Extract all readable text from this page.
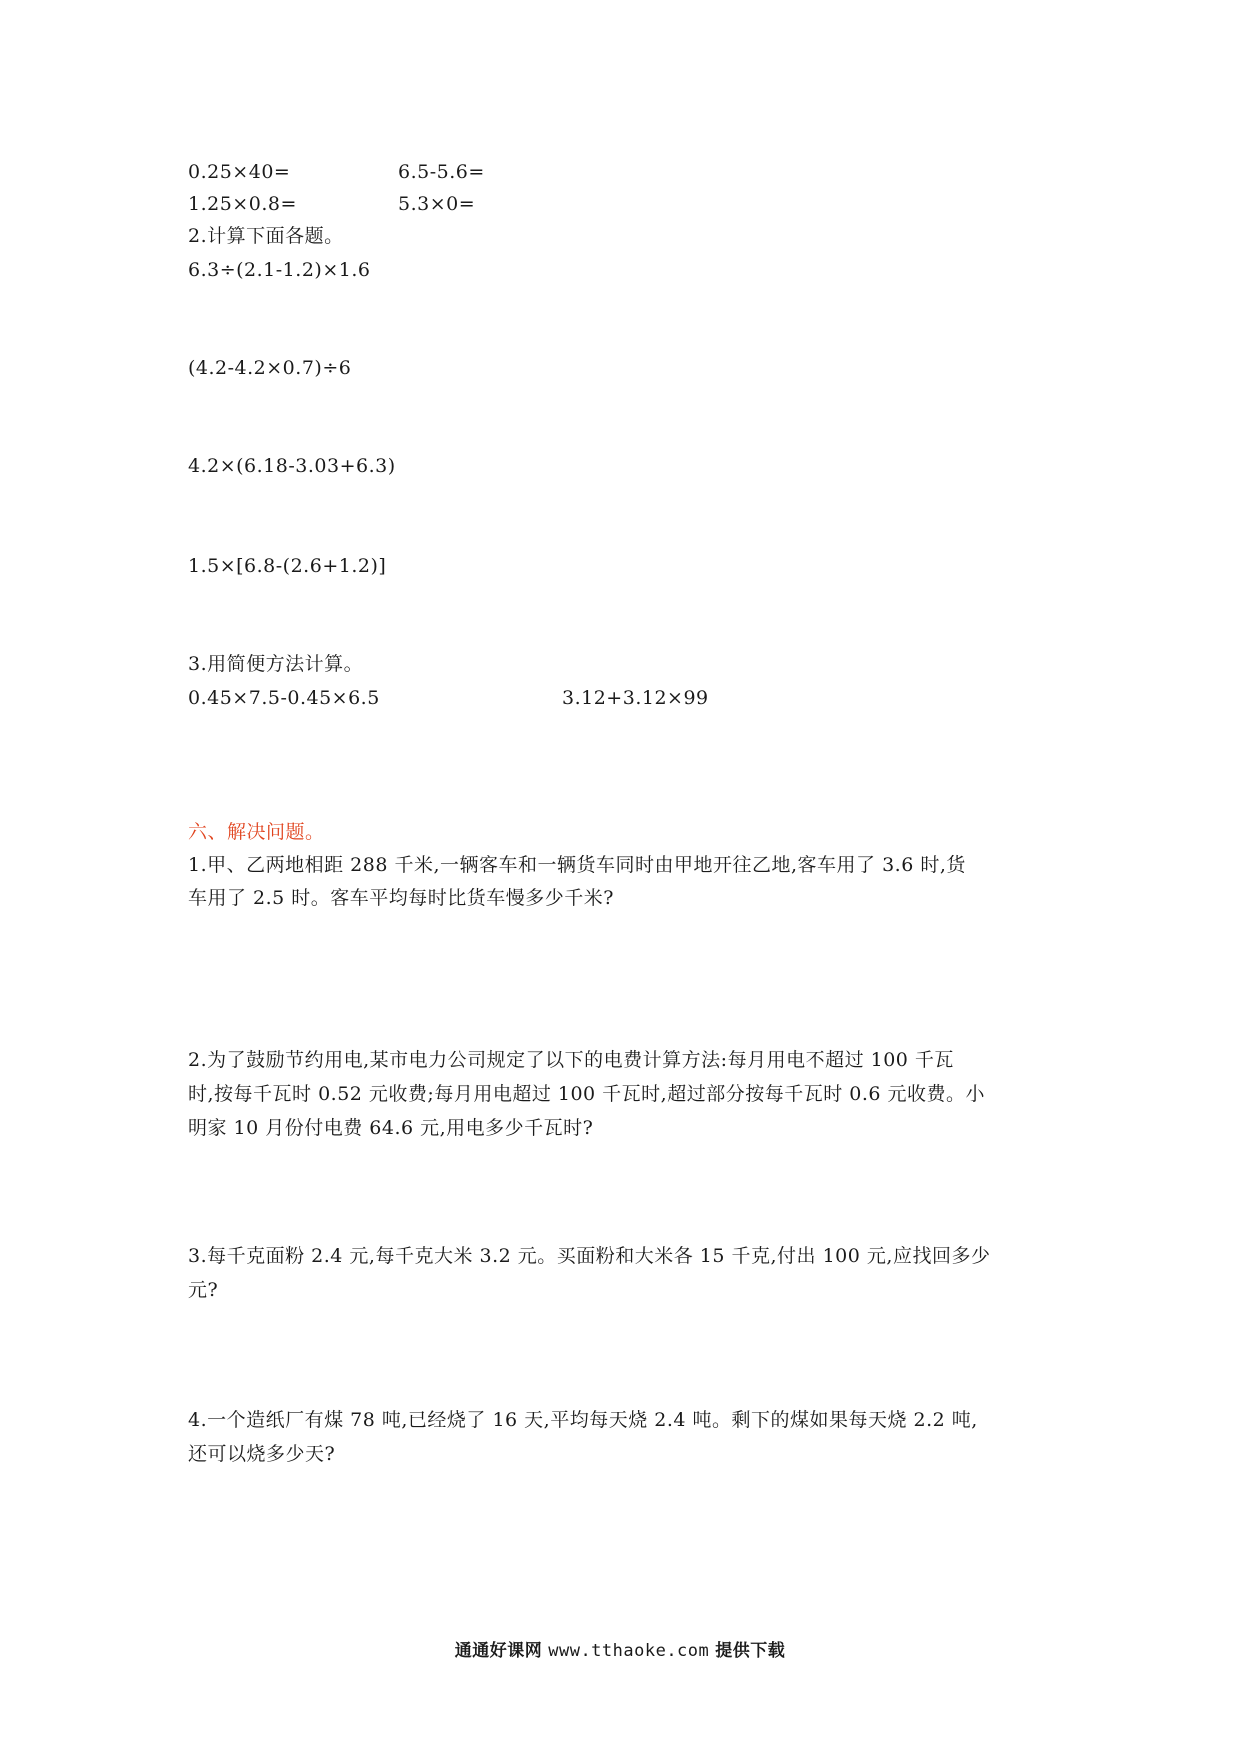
0.25×40=	6.5-5.6=
1.25×0.8=	5.3×0=
2.计算下面各题。
6.3÷(2.1-1.2)×1.6
(4.2-4.2×0.7)÷6
4.2×(6.18-3.03+6.3)
1.5×[6.8-(2.6+1.2)]
3.用简便方法计算。
0.45×7.5-0.45×6.5	3.12+3.12×99
六、解决问题。
1.甲、乙两地相距 288 千米,一辆客车和一辆货车同时由甲地开往乙地,客车用了 3.6 时,货
车用了 2.5 时。客车平均每时比货车慢多少千米?
2.为了鼓励节约用电,某市电力公司规定了以下的电费计算方法:每月用电不超过 100 千瓦
时,按每千瓦时 0.52 元收费;每月用电超过 100 千瓦时,超过部分按每千瓦时 0.6 元收费。小
明家 10 月份付电费 64.6 元,用电多少千瓦时?
3.每千克面粉 2.4 元,每千克大米 3.2 元。买面粉和大米各 15 千克,付出 100 元,应找回多少
元?
4.一个造纸厂有煤 78 吨,已经烧了 16 天,平均每天烧 2.4 吨。剩下的煤如果每天烧 2.2 吨,
还可以烧多少天?
通通好课网 www.tthaoke.com 提供下载
